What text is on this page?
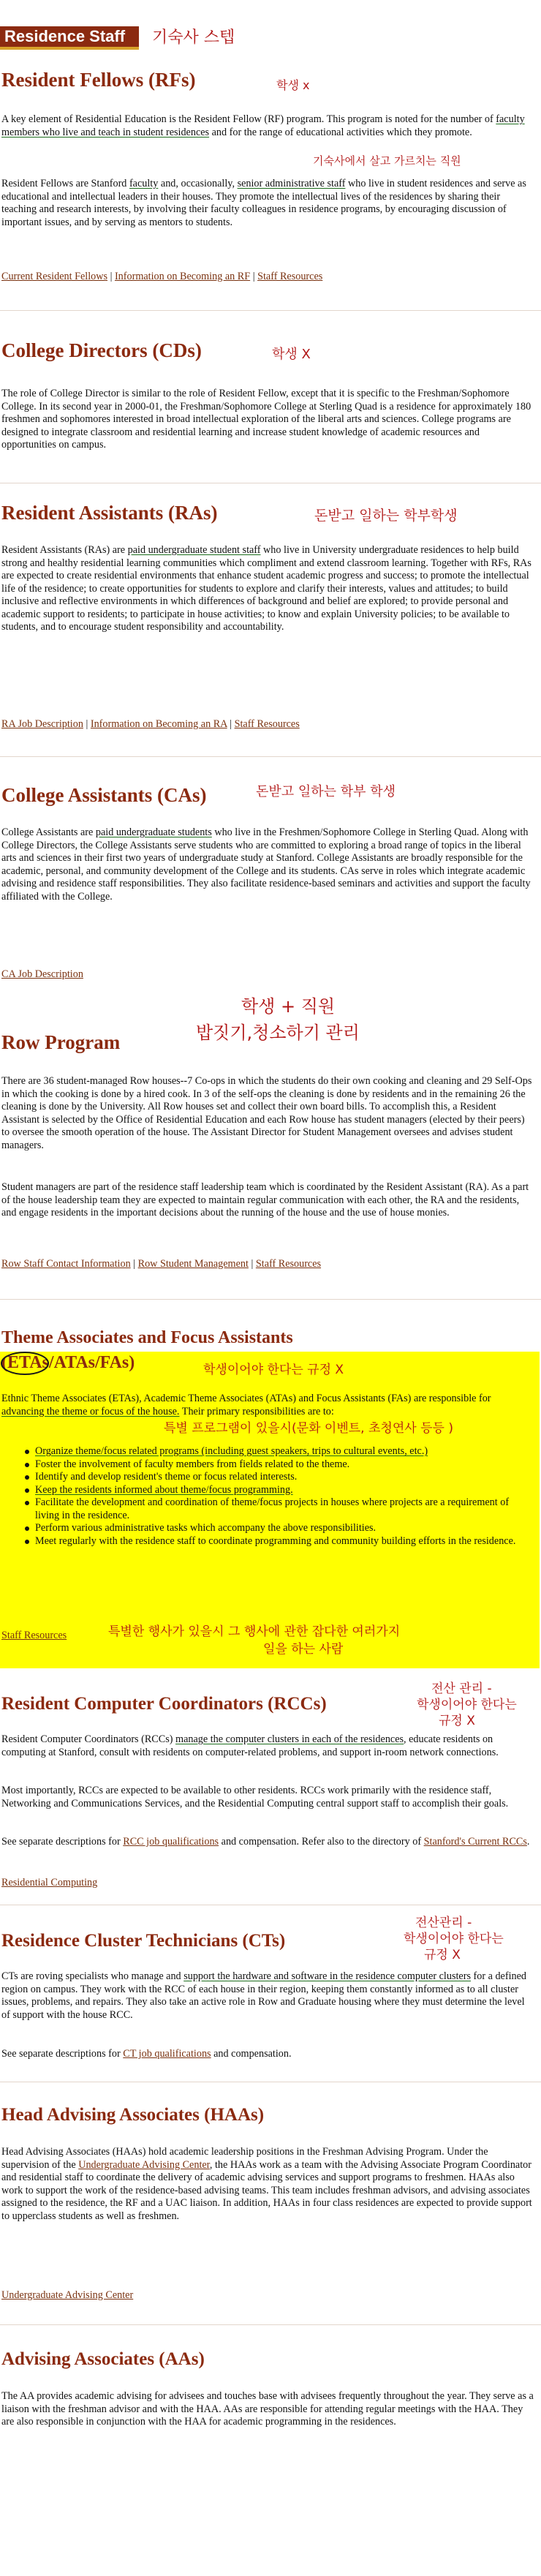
Residence Staff	기숙사 스텝
Resident Fellows (RFs)	학생 x

A key element of Residential Education is the Resident Fellow (RF) program. This program is noted for the number of faculty members who live and teach in student residences and for the range of educational activities which they promote.

기숙사에서 살고 가르치는 직원

Resident Fellows are Stanford faculty and, occasionally, senior administrative staff who live in student residences and serve as educational and intellectual leaders in their houses. They promote the intellectual lives of the residences by sharing their teaching and research interests, by involving their faculty colleagues in residence programs, by encouraging discussion of important issues, and by serving as mentors to students.

Current Resident Fellows | Information on Becoming an RF | Staff Resources
College Directors (CDs)	학생 X

The role of College Director is similar to the role of Resident Fellow, except that it is specific to the Freshman/Sophomore College. In its second year in 2000-01, the Freshman/Sophomore College at Sterling Quad is a residence for approximately 180 freshmen and sophomores interested in broad intellectual exploration of the liberal arts and sciences. College programs are designed to integrate classroom and residential learning and increase student knowledge of academic resources and opportunities on campus.

Resident Assistants (RAs)	돈받고 일하는 학부학생

Resident Assistants (RAs) are paid undergraduate student staff who live in University undergraduate residences to help build strong and healthy residential learning communities which compliment and extend classroom learning. Together with RFs, RAs are expected to create residential environments that enhance student academic progress and success; to promote the intellectual life of the residence; to create opportunities for students to explore and clarify their interests, values and attitudes; to build inclusive and reflective environments in which differences of background and belief are explored; to provide personal and academic support to residents; to participate in house activities; to know and explain University policies; to be available to students, and to encourage student responsibility and accountability.

RA Job Description | Information on Becoming an RA | Staff Resources
College Assistants (CAs)	돈받고 일하는 학부 학생

College Assistants are paid undergraduate students who live in the Freshmen/Sophomore College in Sterling Quad. Along with College Directors, the College Assistants serve students who are committed to exploring a broad range of topics in the liberal arts and sciences in their first two years of undergraduate study at Stanford. College Assistants are broadly responsible for the academic, personal, and community development of the College and its students. CAs serve in roles which integrate academic advising and residence staff responsibilities. They also facilitate residence-based seminars and activities and support the faculty affiliated with the College.

CA Job Description
학생 + 직원
밥짓기,청소하기 관리
Row Program

There are 36 student-managed Row houses--7 Co-ops in which the students do their own cooking and cleaning and 29 Self-Ops in which the cooking is done by a hired cook. In 3 of the self-ops the cleaning is done by residents and in the remaining 26 the cleaning is done by the University. All Row houses set and collect their own board bills. To accomplish this, a Resident Assistant is selected by the Office of Residential Education and each Row house has student managers (elected by their peers) to oversee the smooth operation of the house. The Assistant Director for Student Management oversees and advises student managers.

Student managers are part of the residence staff leadership team which is coordinated by the Resident Assistant (RA). As a part of the house leadership team they are expected to maintain regular communication with each other, the RA and the residents, and engage residents in the important decisions about the running of the house and the use of house monies.

Row Staff Contact Information | Row Student Management | Staff Resources
Theme Associates and Focus Assistants
(ETAs/ATAs/FAs)	학생이어야 한다는 규정 X

Ethnic Theme Associates (ETAs), Academic Theme Associates (ATAs) and Focus Assistants (FAs) are responsible for advancing the theme or focus of the house. Their primary responsibilities are to:

특별 프로그램이 있을시(문화 이벤트, 초청연사 등등 )
Organize theme/focus related programs (including guest speakers, trips to cultural events, etc.)
Foster the involvement of faculty members from fields related to the theme.
Identify and develop resident's theme or focus related interests.
Keep the residents informed about theme/focus programming.
Facilitate the development and coordination of theme/focus projects in houses where projects are a requirement of living in the residence.
Perform various administrative tasks which accompany the above responsibilities.
Meet regularly with the residence staff to coordinate programming and community building efforts in the residence.
Staff Resources	특별한 행사가 있을시 그 행사에 관한 잡다한 여러가지
일을 하는 사람
전산 관리 -
학생이어야 한다는
규정 X
Resident Computer Coordinators (RCCs)

Resident Computer Coordinators (RCCs) manage the computer clusters in each of the residences, educate residents on computing at Stanford, consult with residents on computer-related problems, and support in-room network connections.

Most importantly, RCCs are expected to be available to other residents. RCCs work primarily with the residence staff, Networking and Communications Services, and the Residential Computing central support staff to accomplish their goals.

See separate descriptions for RCC job qualifications and compensation. Refer also to the directory of Stanford's Current RCCs.

Residential Computing
전산관리 -
학생이어야 한다는
규정 X
Residence Cluster Technicians (CTs)

CTs are roving specialists who manage and support the hardware and software in the residence computer clusters for a defined region on campus. They work with the RCC of each house in their region, keeping them constantly informed as to all cluster issues, problems, and repairs. They also take an active role in Row and Graduate housing where they must determine the level of support with the house RCC.

See separate descriptions for CT job qualifications and compensation.

Head Advising Associates (HAAs)

Head Advising Associates (HAAs) hold academic leadership positions in the Freshman Advising Program. Under the supervision of the Undergraduate Advising Center, the HAAs work as a team with the Advising Associate Program Coordinator and residential staff to coordinate the delivery of academic advising services and support programs to freshmen. HAAs also work to support the work of the residence-based advising teams. This team includes freshman advisors, and advising associates assigned to the residence, the RF and a UAC liaison. In addition, HAAs in four class residences are expected to provide support to upperclass students as well as freshmen.

Undergraduate Advising Center
Advising Associates (AAs)

The AA provides academic advising for advisees and touches base with advisees frequently throughout the year. They serve as a liaison with the freshman advisor and with the HAA. AAs are responsible for attending regular meetings with the HAA. They are also responsible in conjunction with the HAA for academic programming in the residences.
